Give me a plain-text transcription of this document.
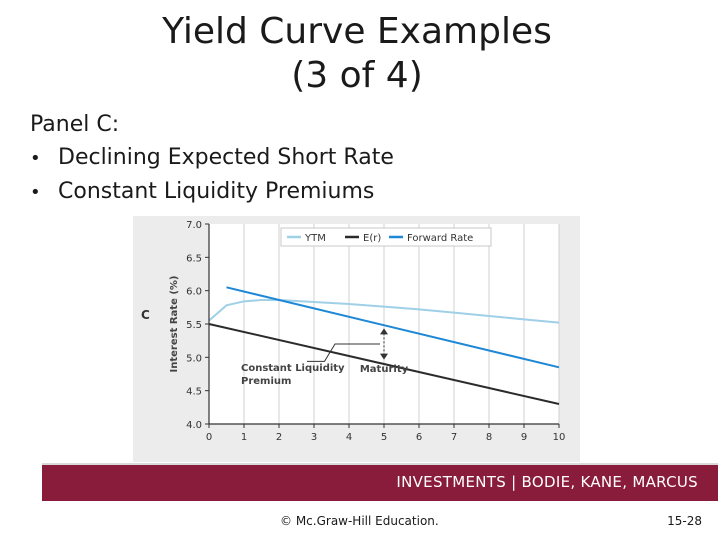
Yield Curve Examples
(3 of 4)
Panel C:
• Declining Expected Short Rate
• Constant Liquidity Premiums
Constant Liquidity
Premium
YTM	E(r)	Forward Rate
4.0
4.5
5.0
5.5
6.0
6.5
7.0
0	1	2	3	4	5	6	7	8	9	10
Interest Rate (%)	Maturity
C
INVESTMENTS | BODIE, KANE, MARCUS
© Mc.Graw-Hill Education.	15-28
